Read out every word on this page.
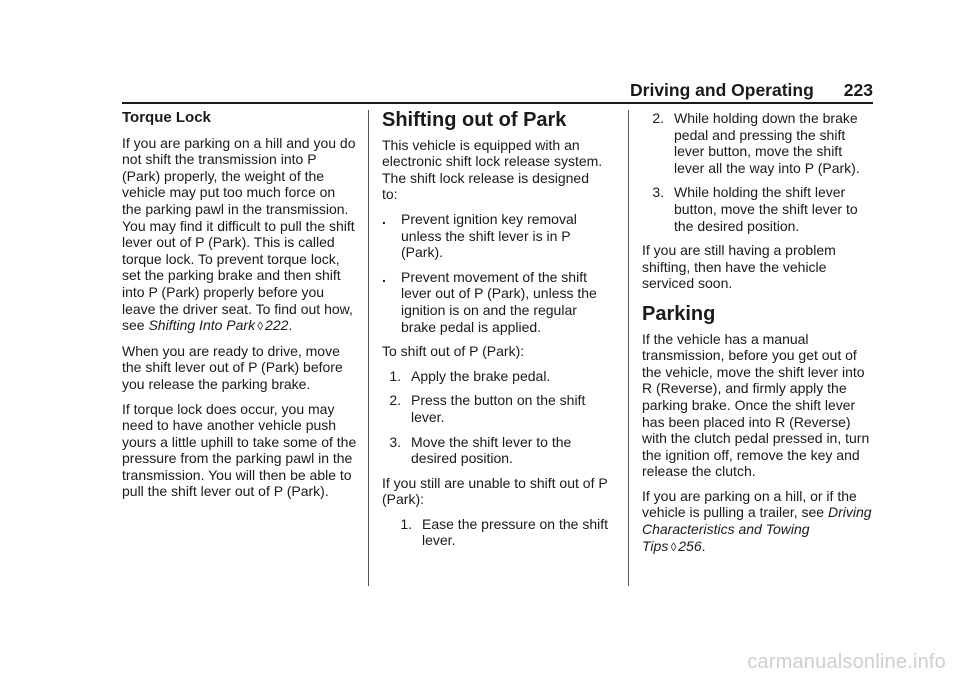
Driving and Operating 223
Torque Lock

If you are parking on a hill and you do not shift the transmission into P (Park) properly, the weight of the vehicle may put too much force on the parking pawl in the transmission. You may find it difficult to pull the shift lever out of P (Park). This is called torque lock. To prevent torque lock, set the parking brake and then shift into P (Park) properly before you leave the driver seat. To find out how, see Shifting Into Park ◊ 222.

When you are ready to drive, move the shift lever out of P (Park) before you release the parking brake.

If torque lock does occur, you may need to have another vehicle push yours a little uphill to take some of the pressure from the parking pawl in the transmission. You will then be able to pull the shift lever out of P (Park).

Shifting out of Park

This vehicle is equipped with an electronic shift lock release system. The shift lock release is designed to:

.	Prevent ignition key removal unless the shift lever is in P (Park).
.	Prevent movement of the shift lever out of P (Park), unless the ignition is on and the regular brake pedal is applied.

To shift out of P (Park):

1. Apply the brake pedal.
2. Press the button on the shift lever.
3. Move the shift lever to the desired position.

If you still are unable to shift out of P (Park):

1. Ease the pressure on the shift lever.
2. While holding down the brake pedal and pressing the shift lever button, move the shift lever all the way into P (Park).
3. While holding the shift lever button, move the shift lever to the desired position.

If you are still having a problem shifting, then have the vehicle serviced soon.

Parking

If the vehicle has a manual transmission, before you get out of the vehicle, move the shift lever into R (Reverse), and firmly apply the parking brake. Once the shift lever has been placed into R (Reverse) with the clutch pedal pressed in, turn the ignition off, remove the key and release the clutch.

If you are parking on a hill, or if the vehicle is pulling a trailer, see Driving Characteristics and Towing Tips ◊ 256.

carmanualsonline.info
